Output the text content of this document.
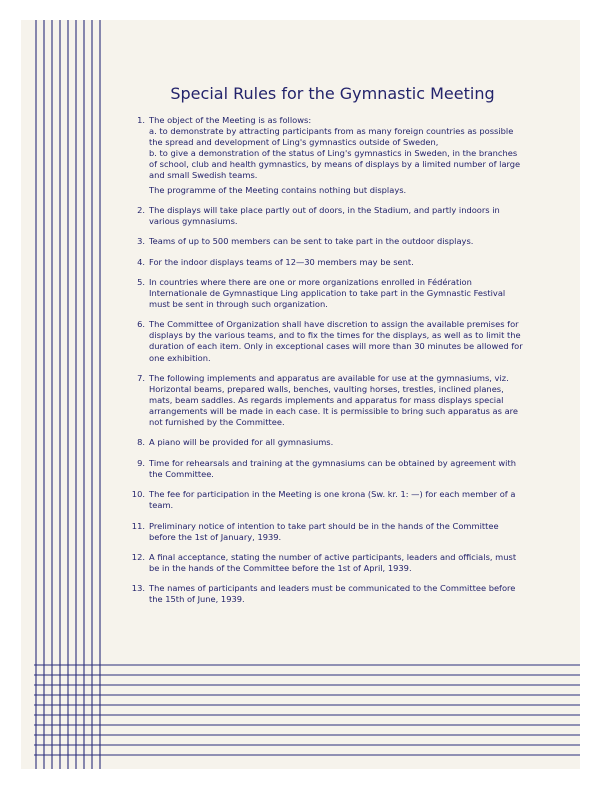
Special Rules for the Gymnastic Meeting
1. The object of the Meeting is as follows:
a. to demonstrate by attracting participants from as many foreign countries as possible the spread and development of Ling's gymnastics outside of Sweden,
b. to give a demonstration of the status of Ling's gymnastics in Sweden, in the branches of school, club and health gymnastics, by means of displays by a limited number of large and small Swedish teams.
The programme of the Meeting contains nothing but displays.
2. The displays will take place partly out of doors, in the Stadium, and partly indoors in various gymnasiums.
3. Teams of up to 500 members can be sent to take part in the outdoor displays.
4. For the indoor displays teams of 12—30 members may be sent.
5. In countries where there are one or more organizations enrolled in Fédération Internationale de Gymnastique Ling application to take part in the Gymnastic Festival must be sent in through such organization.
6. The Committee of Organization shall have discretion to assign the available premises for displays by the various teams, and to fix the times for the displays, as well as to limit the duration of each item. Only in exceptional cases will more than 30 minutes be allowed for one exhibition.
7. The following implements and apparatus are available for use at the gymnasiums, viz. Horizontal beams, prepared walls, benches, vaulting horses, trestles, inclined planes, mats, beam saddles. As regards implements and apparatus for mass displays special arrangements will be made in each case. It is permissible to bring such apparatus as are not furnished by the Committee.
8. A piano will be provided for all gymnasiums.
9. Time for rehearsals and training at the gymnasiums can be obtained by agreement with the Committee.
10. The fee for participation in the Meeting is one krona (Sw. kr. 1: —) for each member of a team.
11. Preliminary notice of intention to take part should be in the hands of the Committee before the 1st of January, 1939.
12. A final acceptance, stating the number of active participants, leaders and officials, must be in the hands of the Committee before the 1st of April, 1939.
13. The names of participants and leaders must be communicated to the Committee before the 15th of June, 1939.
